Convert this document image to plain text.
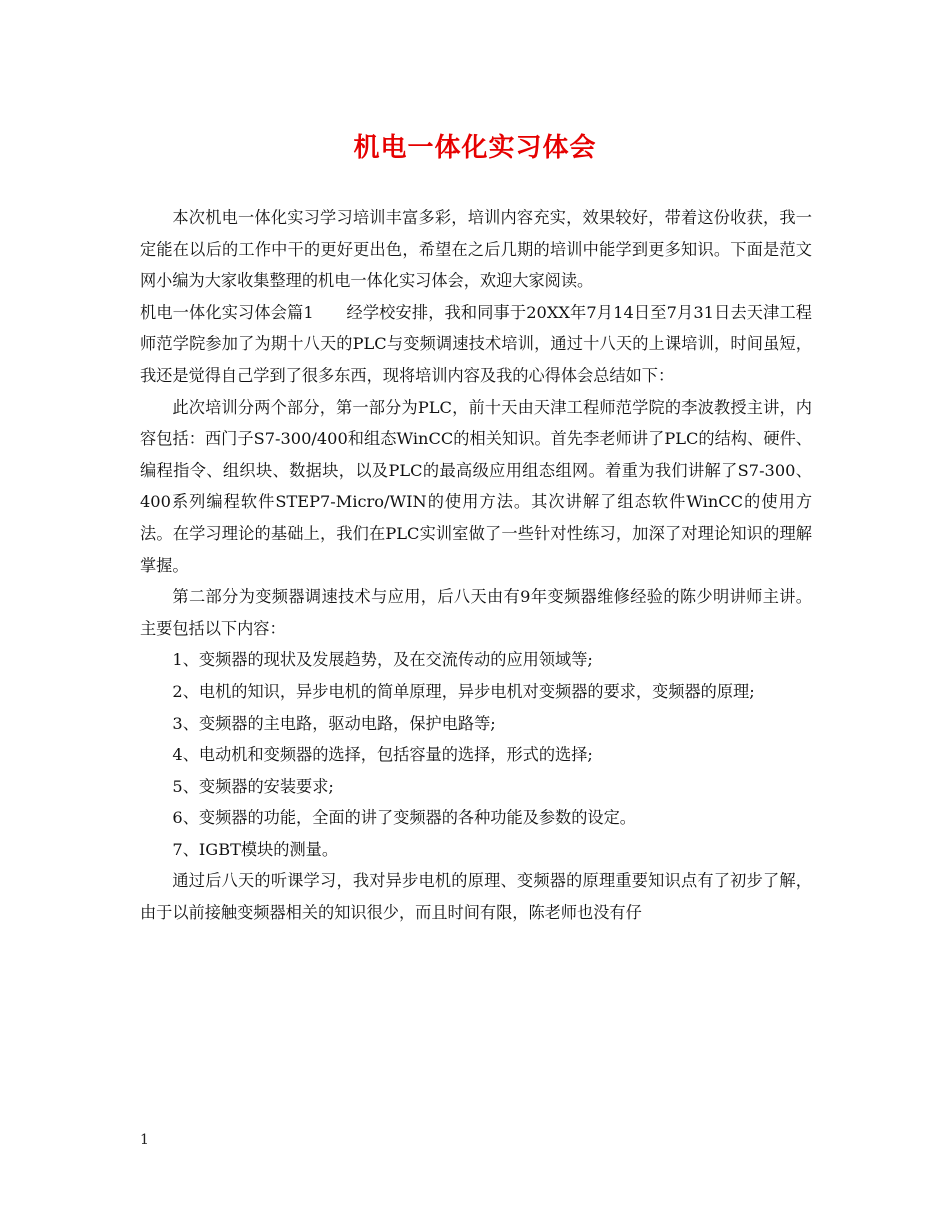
机电一体化实习体会

本次机电一体化实习学习培训丰富多彩，培训内容充实，效果较好，带着这份收获，我一定能在以后的工作中干的更好更出色，希望在之后几期的培训中能学到更多知识。下面是范文网小编为大家收集整理的机电一体化实习体会，欢迎大家阅读。

机电一体化实习体会篇1　　经学校安排，我和同事于20XX年7月14日至7月31日去天津工程师范学院参加了为期十八天的PLC与变频调速技术培训，通过十八天的上课培训，时间虽短，我还是觉得自己学到了很多东西，现将培训内容及我的心得体会总结如下：

此次培训分两个部分，第一部分为PLC，前十天由天津工程师范学院的李波教授主讲，内容包括：西门子S7-300/400和组态WinCC的相关知识。首先李老师讲了PLC的结构、硬件、编程指令、组织块、数据块，以及PLC的最高级应用组态组网。着重为我们讲解了S7-300、400系列编程软件STEP7-Micro/WIN的使用方法。其次讲解了组态软件WinCC的使用方法。在学习理论的基础上，我们在PLC实训室做了一些针对性练习，加深了对理论知识的理解掌握。

第二部分为变频器调速技术与应用，后八天由有9年变频器维修经验的陈少明讲师主讲。主要包括以下内容：

1、变频器的现状及发展趋势，及在交流传动的应用领域等;

2、电机的知识，异步电机的简单原理，异步电机对变频器的要求，变频器的原理;

3、变频器的主电路，驱动电路，保护电路等;

4、电动机和变频器的选择，包括容量的选择，形式的选择;

5、变频器的安装要求;

6、变频器的功能，全面的讲了变频器的各种功能及参数的设定。

7、IGBT模块的测量。

通过后八天的听课学习，我对异步电机的原理、变频器的原理重要知识点有了初步了解，由于以前接触变频器相关的知识很少，而且时间有限，陈老师也没有仔

1
